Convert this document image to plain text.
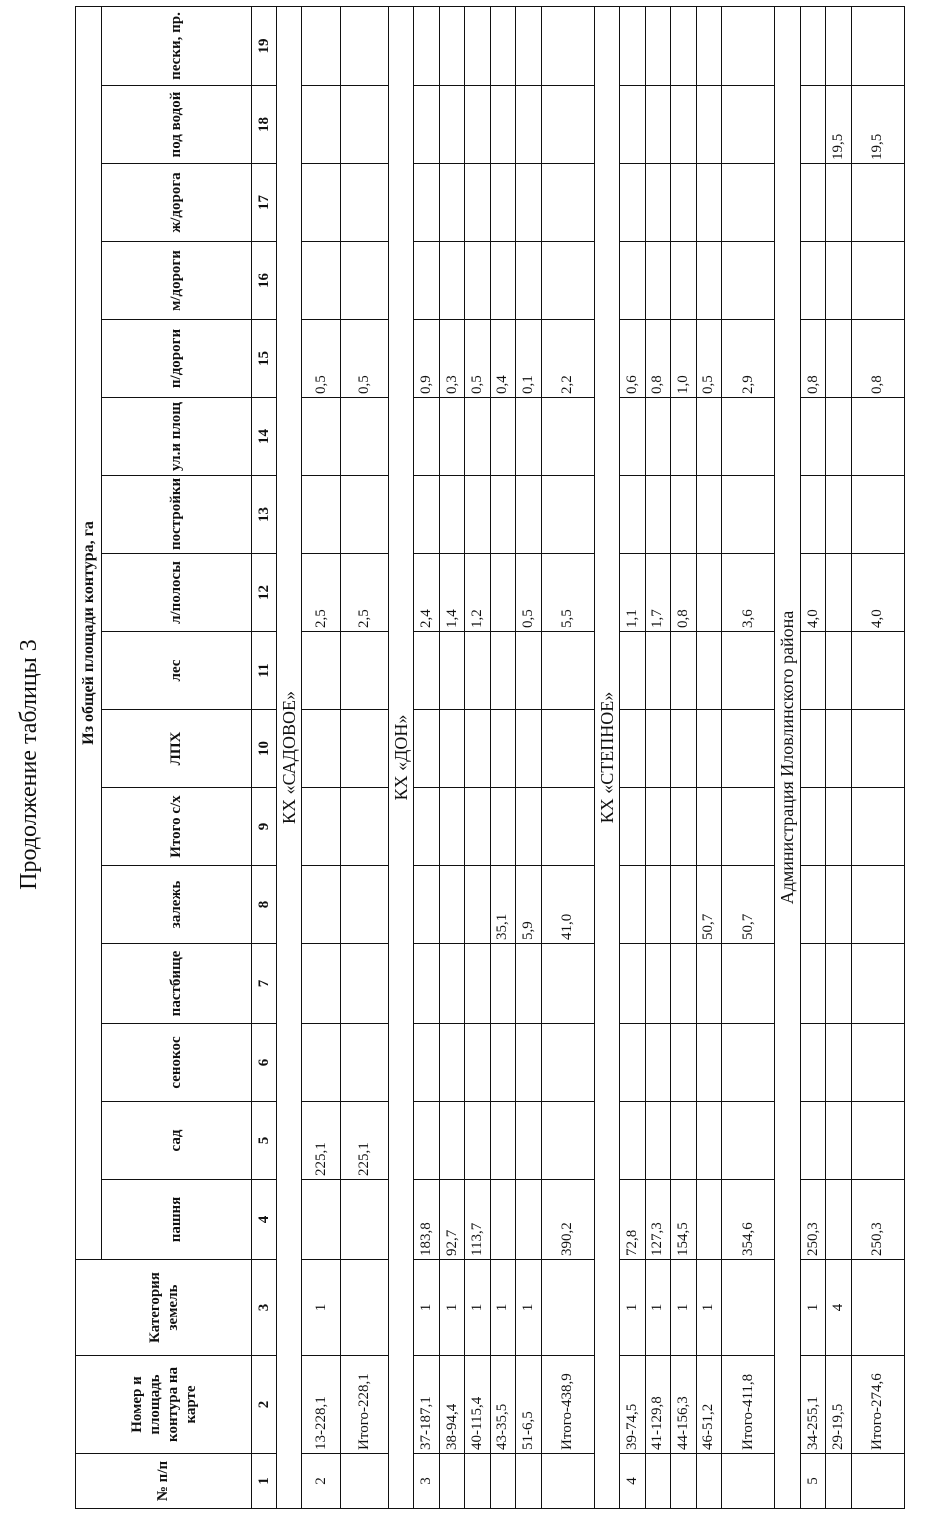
Продолжение таблицы 3
№ п/п	Номер и площадь контура на карте	Категория земель	Из общей площади контура, га															
			пашня	сад	сенокос	пастбище	залежь	Итого с/х	ЛПХ	лес	л/полосы	постройки	ул.и площ	п/дороги	м/дороги	ж/дорога	под водой	пески, пр.
1	2	3	4	5	6	7	8	9	10	11	12	13	14	15	16	17	18	19
КХ «САДОВОЕ»																		
2	13-228,1	1		225,1							2,5			0,5				
	Итого-228,1			225,1							2,5			0,5				
КХ «ДОН»																		
3	37-187,1	1	183,8								2,4			0,9				
	38-94,4	1	92,7								1,4			0,3				
	40-115,4	1	113,7								1,2			0,5				
	43-35,5	1					35,1							0,4				
	51-6,5	1					5,9				0,5			0,1				
	Итого-438,9		390,2				41,0				5,5			2,2				
КХ «СТЕПНОЕ»																		
4	39-74,5	1	72,8								1,1			0,6				
	41-129,8	1	127,3								1,7			0,8				
	44-156,3	1	154,5								0,8			1,0				
	46-51,2	1					50,7							0,5				
	Итого-411,8		354,6				50,7				3,6			2,9				
Администрация Иловлинского района																		
5	34-255,1	1	250,3								4,0			0,8				
	29-19,5	4															19,5	
	Итого-274,6		250,3								4,0			0,8			19,5	
